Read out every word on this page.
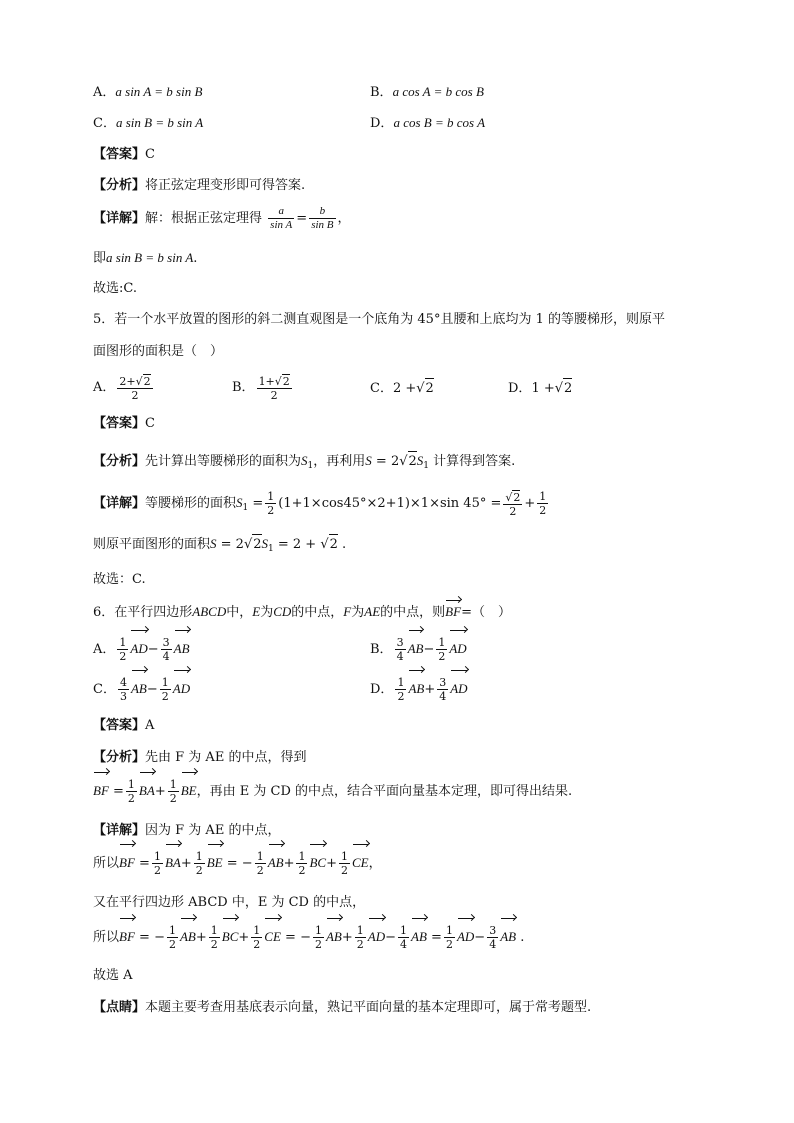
A．a sin A = b sin B	B．a cos A = b cos B
C．a sin B = b sin A	D．a cos B = b cos A
【答案】C
【分析】将正弦定理变形即可得答案.
【详解】解：根据正弦定理得 $\frac{a}{\text{sin A}} = \frac{b}{\text{sin B}}$ ，
即a sin B = b sin A.
故选:C.
5．若一个水平放置的图形的斜二测直观图是一个底角为 45°且腰和上底均为 1 的等腰梯形，则原平
面图形的面积是（　）
A． $\frac{2+√2}{2}$	B． $\frac{1+√2}{2}$	C．2 +√2	D．1 +√2
【答案】C
【分析】先计算出等腰梯形的面积为$S_1$，再利用$S = 2√2S_1$ 计算得到答案.
【详解】等腰梯形的面积$S_1 = \frac{1}{2} (1+1\times\cos 45^\circ\times 2+1)\times 1\times\sin$ $45^\circ = \frac{√2}{2} + \frac{1}{2}$
则原平面图形的面积$S = 2√2S_1 = 2 + √2$ .
故选：C.
6．在平行四边形ABCD中，E为CD的中点，F为AE的中点，则BF=（　）
A． $\frac{1}{2} AD- \frac{3}{4}$ AB	B． $\frac{3}{4} AB- \frac{1}{2}$ AD
C． $\frac{4}{3} AB- \frac{1}{2}$ AD	D． $\frac{1}{2} AB+ \frac{3}{4}$ AD
【答案】A
【分析】先由 F 为 AE 的中点，得到
BF = $\frac{1}{2} BA+ \frac{1}{2}$ BE，再由 E 为 CD 的中点，结合平面向量基本定理，即可得出结果.
【详解】因为 F 为 AE 的中点，
所以BF = $\frac{1}{2} BA+ \frac{1}{2}$ BE = − $\frac{1}{2} AB+ \frac{1}{2} BC+ \frac{1}{2}$ CE，
又在平行四边形 ABCD 中，E 为 CD 的中点，
所以BF = − $\frac{1}{2} AB+ \frac{1}{2} BC+ \frac{1}{2}$ CE = − $\frac{1}{2} AB+ \frac{1}{2} AD- \frac{1}{4}$ AB = $\frac{1}{2} AD- \frac{3}{4}$ AB .
故选 A
【点睛】本题主要考查用基底表示向量，熟记平面向量的基本定理即可，属于常考题型.
